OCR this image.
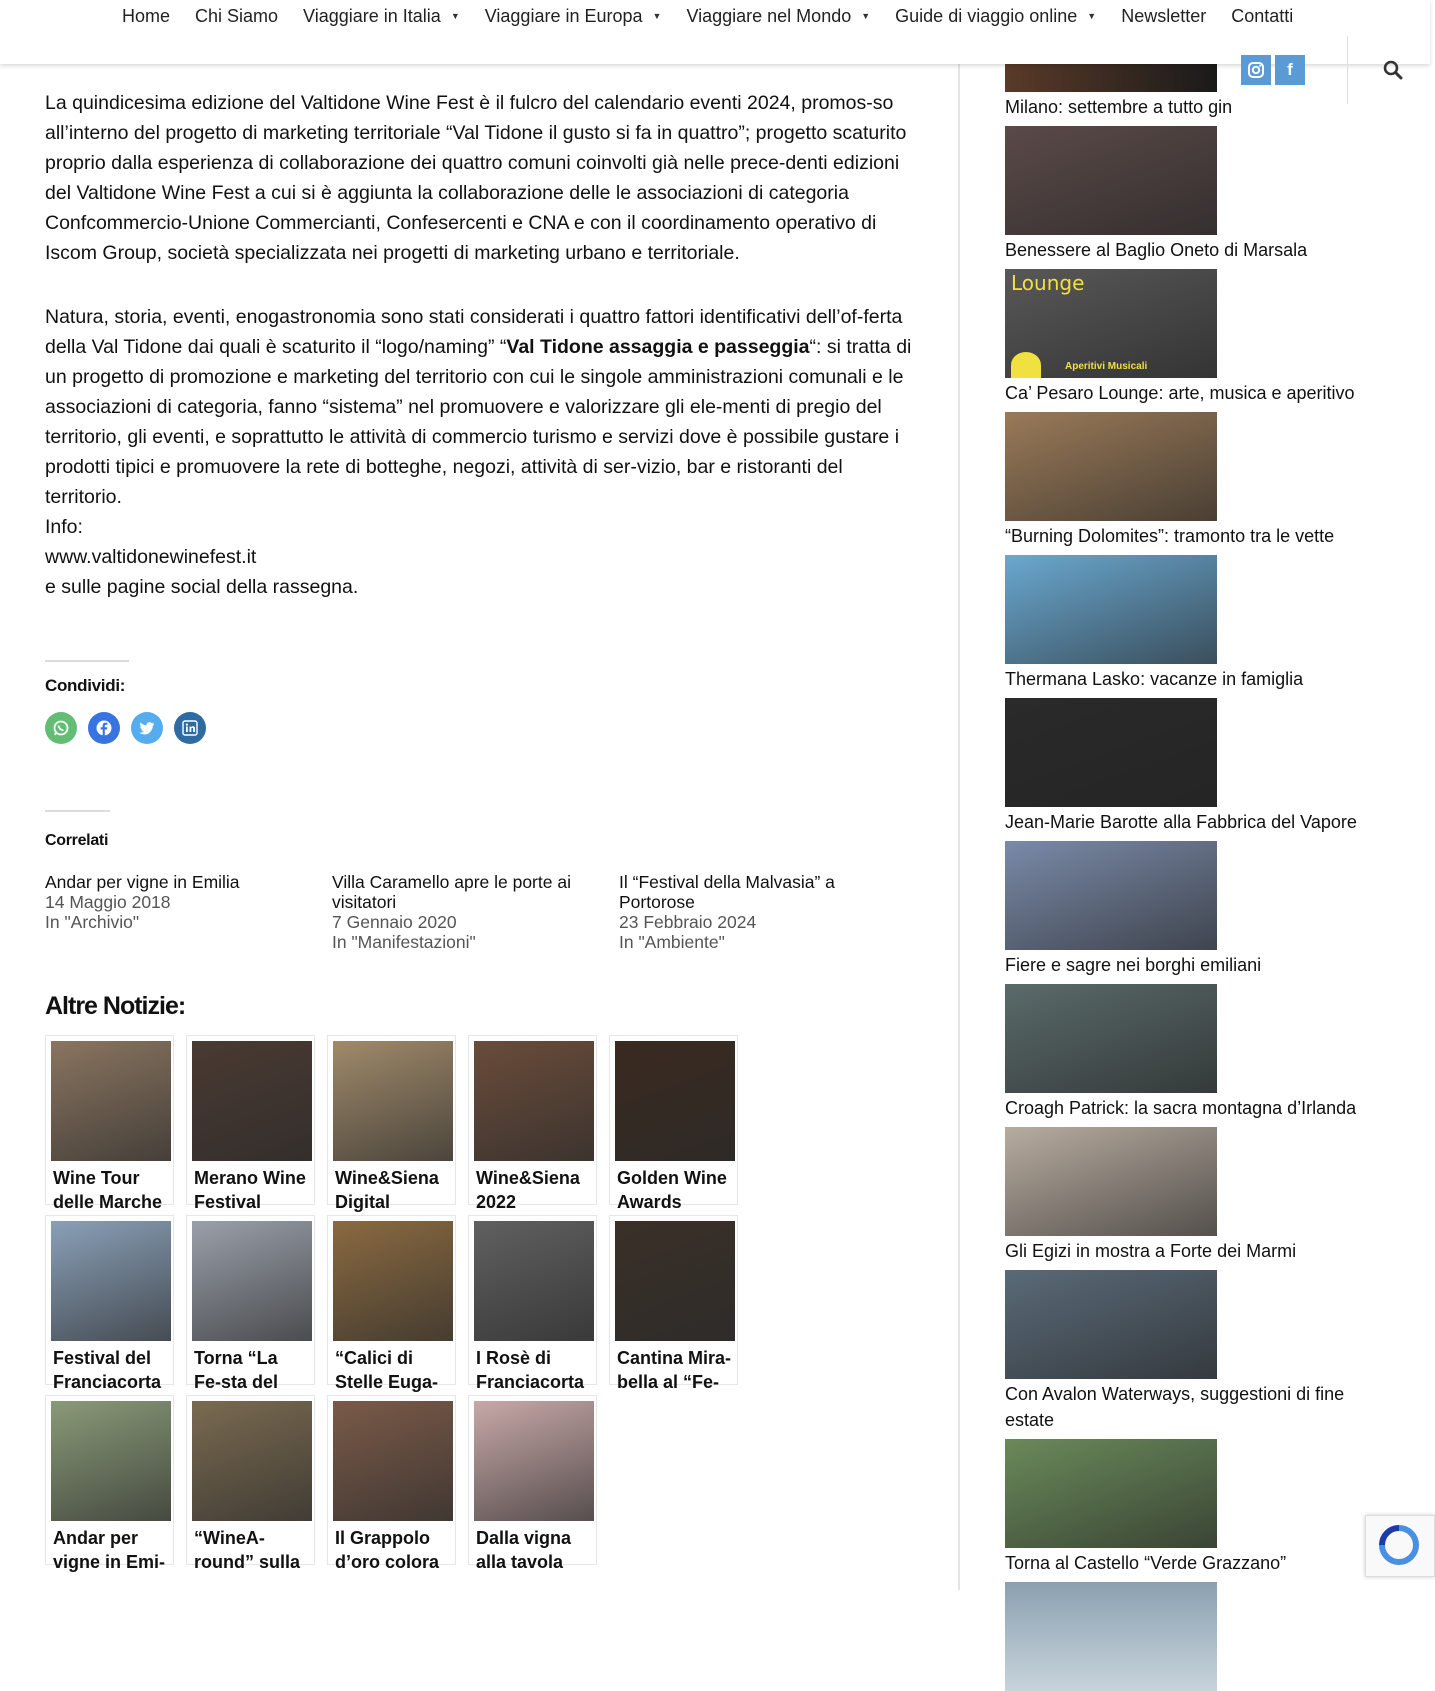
Home Chi Siamo Viaggiare in Italia ▼ Viaggiare in Europa ▼ Viaggiare nel Mondo ▼ Guide di viaggio online ▼ Newsletter Contatti
f

La quindicesima edizione del Valtidone Wine Fest è il fulcro del calendario eventi 2024, promos-so all’interno del progetto di marketing territoriale “Val Tidone il gusto si fa in quattro”; progetto scaturito proprio dalla esperienza di collaborazione dei quattro comuni coinvolti già nelle prece-denti edizioni del Valtidone Wine Fest a cui si è aggiunta la collaborazione delle le associazioni di categoria Confcommercio-Unione Commercianti, Confesercenti e CNA e con il coordinamento operativo di Iscom Group, società specializzata nei progetti di marketing urbano e territoriale.

Natura, storia, eventi, enogastronomia sono stati considerati i quattro fattori identificativi dell’of-ferta della Val Tidone dai quali è scaturito il “logo/naming” “Val Tidone assaggia e passeggia“: si tratta di un progetto di promozione e marketing del territorio con cui le singole amministrazioni comunali e le associazioni di categoria, fanno “sistema” nel promuovere e valorizzare gli ele-menti di pregio del territorio, gli eventi, e soprattutto le attività di commercio turismo e servizi dove è possibile gustare i prodotti tipici e promuovere la rete di botteghe, negozi, attività di ser-vizio, bar e ristoranti del territorio.

Info:

www.valtidonewinefest.it

e sulle pagine social della rassegna.

Condividi:
Correlati
Andar per vigne in Emilia
14 Maggio 2018
In "Archivio"
Villa Caramello apre le porte ai visitatori
7 Gennaio 2020
In "Manifestazioni"
Il “Festival della Malvasia” a Portorose
23 Febbraio 2024
In "Ambiente"
Altre Notizie:
Wine Tour delle Marche
Merano Wine Festival
Wine&Siena Digital
Wine&Siena 2022
Golden Wine Awards
Festival del Franciacorta
Torna “La Fe-sta del
“Calici di Stelle Euga-
I Rosè di Franciacorta
Cantina Mira-bella al “Fe-
Andar per vigne in Emi-
“WineA-round” sulla
Il Grappolo d’oro colora
Dalla vigna alla tavola
Milano: settembre a tutto gin
Benessere al Baglio Oneto di Marsala
Lounge
Aperitivi Musicali
Ca’ Pesaro Lounge: arte, musica e aperitivo
“Burning Dolomites”: tramonto tra le vette
Thermana Lasko: vacanze in famiglia
Jean-Marie Barotte alla Fabbrica del Vapore
Fiere e sagre nei borghi emiliani
Croagh Patrick: la sacra montagna d’Irlanda
Gli Egizi in mostra a Forte dei Marmi
Con Avalon Waterways, suggestioni di fine estate
Torna al Castello “Verde Grazzano”
